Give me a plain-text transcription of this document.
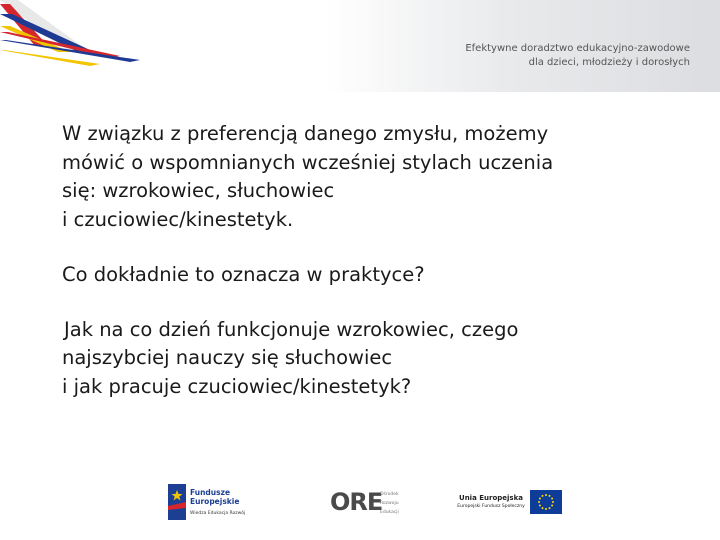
Efektywne doradztwo edukacyjno-zawodowe
dla dzieci, młodzieży i dorosłych

W związku z preferencją danego zmysłu, możemy
mówić o wspomnianych wcześniej stylach uczenia
się: wzrokowiec, słuchowiec
i czuciowiec/kinestetyk.

Co dokładnie to oznacza w praktyce?

Jak na co dzień funkcjonuje wzrokowiec, czego
najszybciej nauczy się słuchowiec
i jak pracuje czuciowiec/kinestetyk?

Fundusze
Europejskie
Wiedza Edukacja Rozwój	ORE
Ośrodek
Rozwoju
Edukacji
Unia Europejska
Europejski Fundusz Społeczny
